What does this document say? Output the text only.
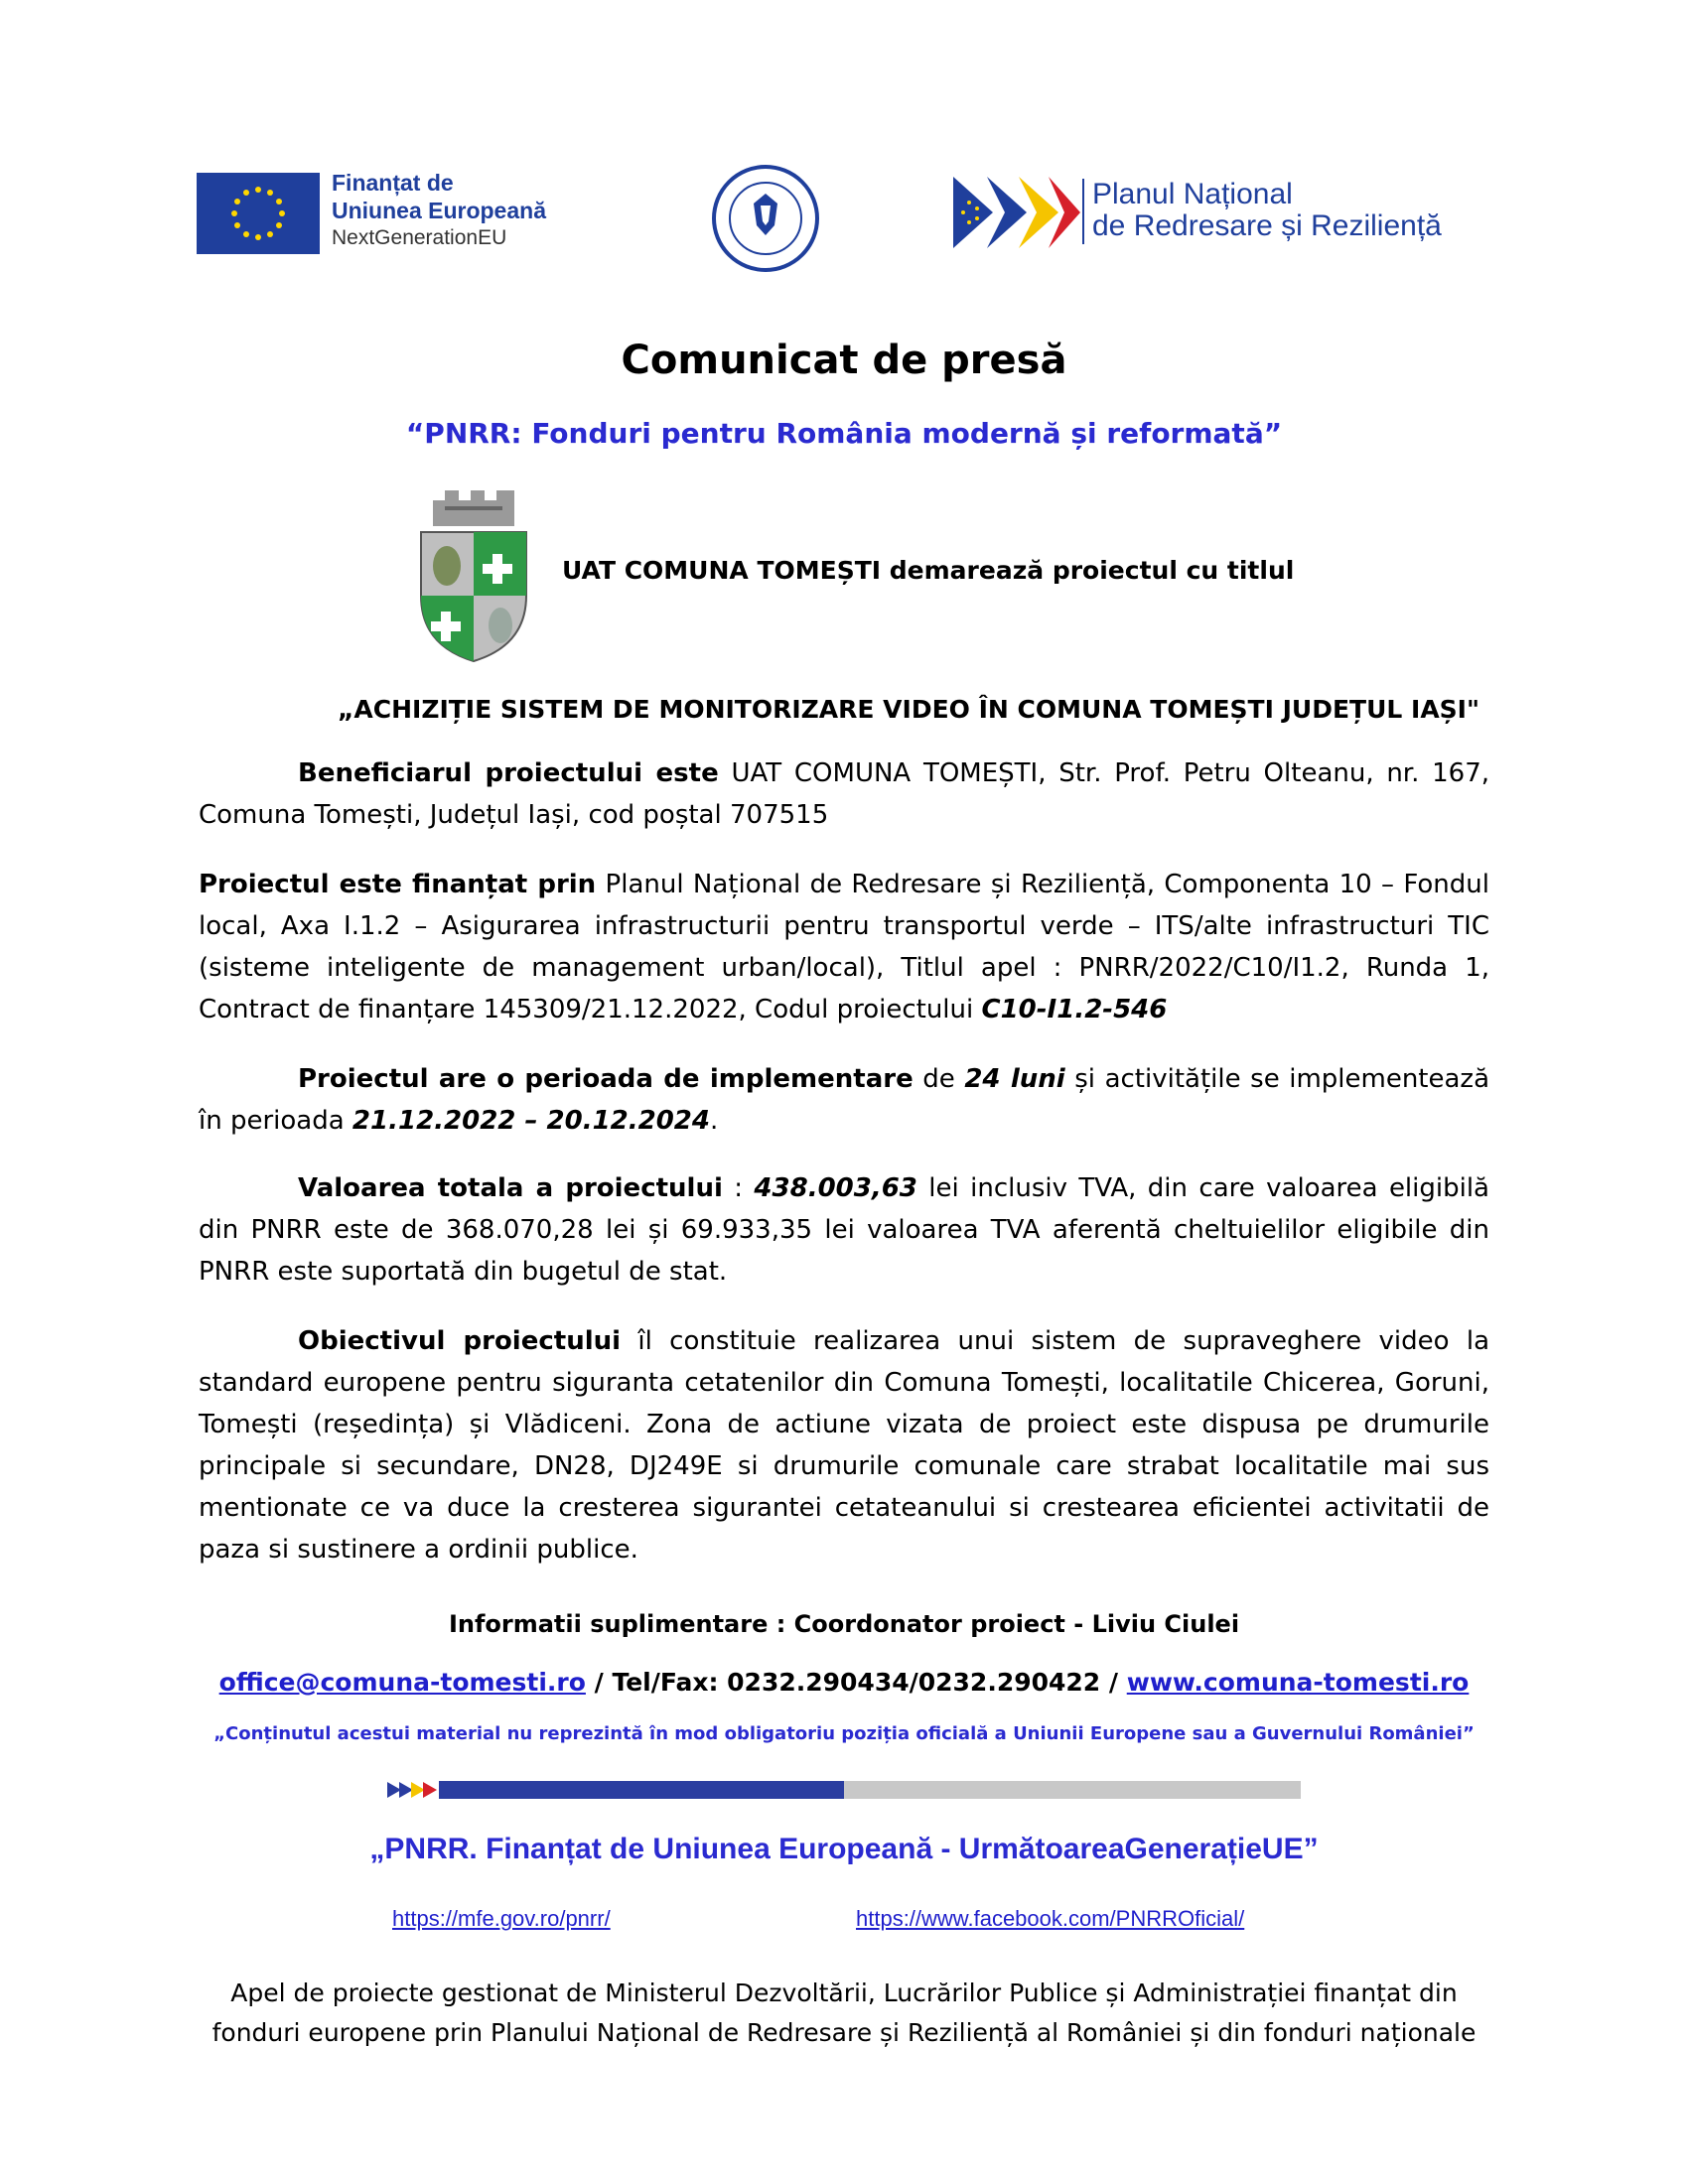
Finanțat de
Uniunea Europeană
NextGenerationEU
Planul Național
de Redresare și Reziliență
Comunicat de presă
“PNRR: Fonduri pentru România modernă și reformată”
UAT COMUNA TOMEȘTI demarează proiectul cu titlul
„ACHIZIȚIE SISTEM DE MONITORIZARE VIDEO ÎN COMUNA TOMEȘTI JUDEȚUL IAȘI"
Beneficiarul proiectului este UAT COMUNA TOMEȘTI, Str. Prof. Petru Olteanu, nr. 167, Comuna Tomești, Județul Iași, cod poștal 707515
Proiectul este finanțat prin Planul Național de Redresare și Reziliență, Componenta 10 – Fondul local, Axa I.1.2 – Asigurarea infrastructurii pentru transportul verde – ITS/alte infrastructuri TIC (sisteme inteligente de management urban/local), Titlul apel : PNRR/2022/C10/I1.2, Runda 1, Contract de finanțare 145309/21.12.2022, Codul proiectului C10-I1.2-546
Proiectul are o perioada de implementare de 24 luni și activitățile se implementează în perioada 21.12.2022 – 20.12.2024.
Valoarea totala a proiectului : 438.003,63 lei inclusiv TVA, din care valoarea eligibilă din PNRR este de 368.070,28 lei și 69.933,35 lei valoarea TVA aferentă cheltuielilor eligibile din PNRR este suportată din bugetul de stat.
Obiectivul proiectului îl constituie realizarea unui sistem de supraveghere video la standard europene pentru siguranta cetatenilor din Comuna Tomești, localitatile Chicerea, Goruni, Tomești (reședința) și Vlădiceni. Zona de actiune vizata de proiect este dispusa pe drumurile principale si secundare, DN28, DJ249E si drumurile comunale care strabat localitatile mai sus mentionate ce va duce la cresterea sigurantei cetateanului si crestearea eficientei activitatii de paza si sustinere a ordinii publice.
Informatii suplimentare : Coordonator proiect - Liviu Ciulei
office@comuna-tomesti.ro / Tel/Fax: 0232.290434/0232.290422 / www.comuna-tomesti.ro
„Conținutul acestui material nu reprezintă în mod obligatoriu poziția oficială a Uniunii Europene sau a Guvernului României”
„PNRR. Finanțat de Uniunea Europeană - UrmătoareaGenerațieUE”
https://mfe.gov.ro/pnrr/	https://www.facebook.com/PNRROficial/
Apel de proiecte gestionat de Ministerul Dezvoltării, Lucrărilor Publice și Administrației finanțat din
fonduri europene prin Planului Național de Redresare și Reziliență al României și din fonduri naționale
